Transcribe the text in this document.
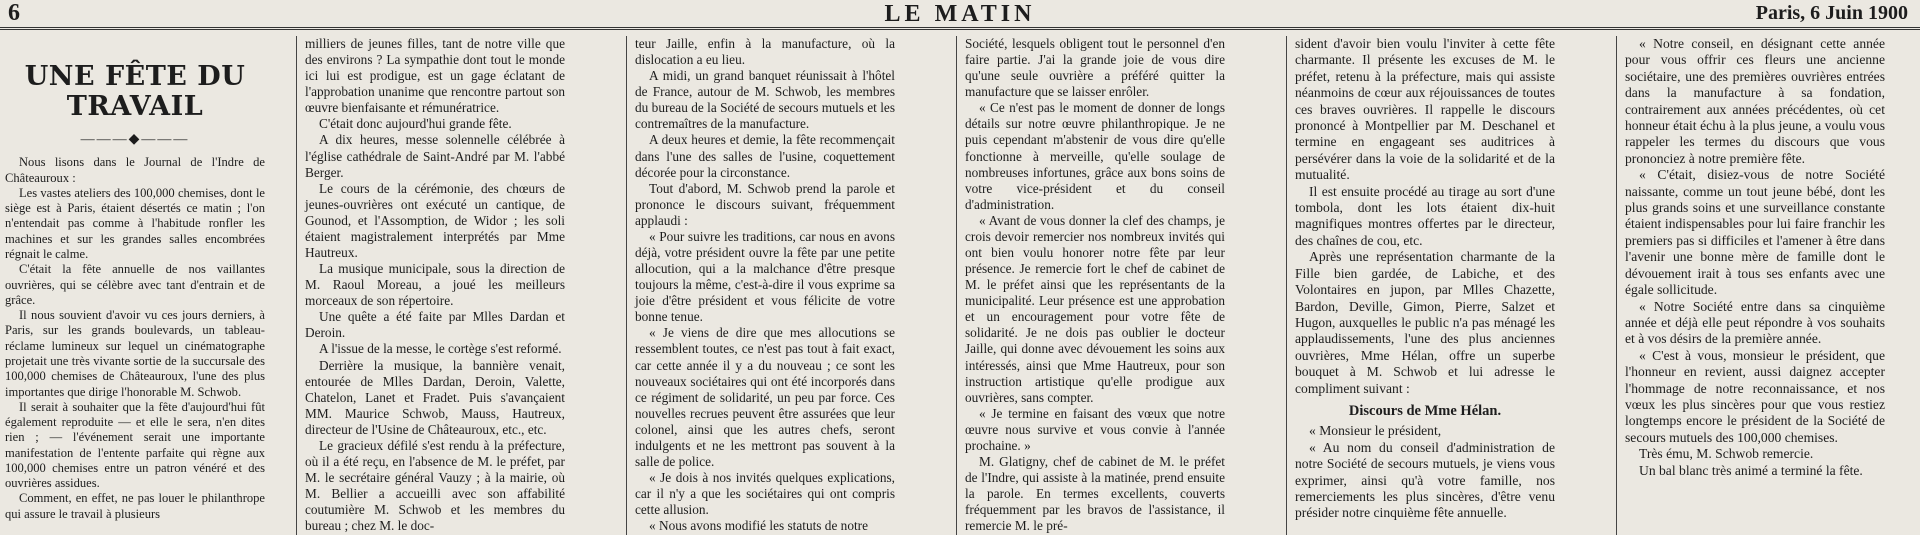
6	LE MATIN	Paris, 6 Juin 1900
UNE FÊTE DU TRAVAIL
———◆———

Nous lisons dans le Journal de l'Indre de Châteauroux :

Les vastes ateliers des 100,000 chemises, dont le siège est à Paris, étaient désertés ce matin ; l'on n'entendait pas comme à l'habitude ronfler les machines et sur les grandes salles encombrées régnait le calme.

C'était la fête annuelle de nos vaillantes ouvrières, qui se célèbre avec tant d'entrain et de grâce.

Il nous souvient d'avoir vu ces jours derniers, à Paris, sur les grands boulevards, un tableau-réclame lumineux sur lequel un cinématographe projetait une très vivante sortie de la succursale des 100,000 chemises de Châteauroux, l'une des plus importantes que dirige l'honorable M. Schwob.

Il serait à souhaiter que la fête d'aujourd'hui fût également reproduite — et elle le sera, n'en dites rien ; — l'événement serait une importante manifestation de l'entente parfaite qui règne aux 100,000 chemises entre un patron vénéré et des ouvrières assidues.

Comment, en effet, ne pas louer le philanthrope qui assure le travail à plusieurs

milliers de jeunes filles, tant de notre ville que des environs ? La sympathie dont tout le monde ici lui est prodigue, est un gage éclatant de l'approbation unanime que rencontre partout son œuvre bienfaisante et rémunératrice.

C'était donc aujourd'hui grande fête.

A dix heures, messe solennelle célébrée à l'église cathédrale de Saint-André par M. l'abbé Berger.

Le cours de la cérémonie, des chœurs de jeunes-ouvrières ont exécuté un cantique, de Gounod, et l'Assomption, de Widor ; les soli étaient magistralement interprétés par Mme Hautreux.

La musique municipale, sous la direction de M. Raoul Moreau, a joué les meilleurs morceaux de son répertoire.

Une quête a été faite par Mlles Dardan et Deroin.

A l'issue de la messe, le cortège s'est reformé.

Derrière la musique, la bannière venait, entourée de Mlles Dardan, Deroin, Valette, Chatelon, Lanet et Fradet. Puis s'avançaient MM. Maurice Schwob, Mauss, Hautreux, directeur de l'Usine de Châteauroux, etc., etc.

Le gracieux défilé s'est rendu à la préfecture, où il a été reçu, en l'absence de M. le préfet, par M. le secrétaire général Vauzy ; à la mairie, où M. Bellier a accueilli avec son affabilité coutumière M. Schwob et les membres du bureau ; chez M. le doc-

teur Jaille, enfin à la manufacture, où la dislocation a eu lieu.

A midi, un grand banquet réunissait à l'hôtel de France, autour de M. Schwob, les membres du bureau de la Société de secours mutuels et les contremaîtres de la manufacture.

A deux heures et demie, la fête recommençait dans l'une des salles de l'usine, coquettement décorée pour la circonstance.

Tout d'abord, M. Schwob prend la parole et prononce le discours suivant, fréquemment applaudi :

« Pour suivre les traditions, car nous en avons déjà, votre président ouvre la fête par une petite allocution, qui a la malchance d'être presque toujours la même, c'est-à-dire il vous exprime sa joie d'être président et vous félicite de votre bonne tenue.

« Je viens de dire que mes allocutions se ressemblent toutes, ce n'est pas tout à fait exact, car cette année il y a du nouveau ; ce sont les nouveaux sociétaires qui ont été incorporés dans ce régiment de solidarité, un peu par force. Ces nouvelles recrues peuvent être assurées que leur colonel, ainsi que les autres chefs, seront indulgents et ne les mettront pas souvent à la salle de police.

« Je dois à nos invités quelques explications, car il n'y a que les sociétaires qui ont compris cette allusion.

« Nous avons modifié les statuts de notre

Société, lesquels obligent tout le personnel d'en faire partie. J'ai la grande joie de vous dire qu'une seule ouvrière a préféré quitter la manufacture que se laisser enrôler.

« Ce n'est pas le moment de donner de longs détails sur notre œuvre philanthropique. Je ne puis cependant m'abstenir de vous dire qu'elle fonctionne à merveille, qu'elle soulage de nombreuses infortunes, grâce aux bons soins de votre vice-président et du conseil d'administration.

« Avant de vous donner la clef des champs, je crois devoir remercier nos nombreux invités qui ont bien voulu honorer notre fête par leur présence. Je remercie fort le chef de cabinet de M. le préfet ainsi que les représentants de la municipalité. Leur présence est une approbation et un encouragement pour votre fête de solidarité. Je ne dois pas oublier le docteur Jaille, qui donne avec dévouement les soins aux intéressés, ainsi que Mme Hautreux, pour son instruction artistique qu'elle prodigue aux ouvrières, sans compter.

« Je termine en faisant des vœux que notre œuvre nous survive et vous convie à l'année prochaine. »

M. Glatigny, chef de cabinet de M. le préfet de l'Indre, qui assiste à la matinée, prend ensuite la parole. En termes excellents, couverts fréquemment par les bravos de l'assistance, il remercie M. le pré-

sident d'avoir bien voulu l'inviter à cette fête charmante. Il présente les excuses de M. le préfet, retenu à la préfecture, mais qui assiste néanmoins de cœur aux réjouissances de toutes ces braves ouvrières. Il rappelle le discours prononcé à Montpellier par M. Deschanel et termine en engageant ses auditrices à persévérer dans la voie de la solidarité et de la mutualité.

Il est ensuite procédé au tirage au sort d'une tombola, dont les lots étaient dix-huit magnifiques montres offertes par le directeur, des chaînes de cou, etc.

Après une représentation charmante de la Fille bien gardée, de Labiche, et des Volontaires en jupon, par Mlles Chazette, Bardon, Deville, Gimon, Pierre, Salzet et Hugon, auxquelles le public n'a pas ménagé les applaudissements, l'une des plus anciennes ouvrières, Mme Hélan, offre un superbe bouquet à M. Schwob et lui adresse le compliment suivant :

Discours de Mme Hélan.

« Monsieur le président,

« Au nom du conseil d'administration de notre Société de secours mutuels, je viens vous exprimer, ainsi qu'à votre famille, nos remerciements les plus sincères, d'être venu présider notre cinquième fête annuelle.

« Notre conseil, en désignant cette année pour vous offrir ces fleurs une ancienne sociétaire, une des premières ouvrières entrées dans la manufacture à sa fondation, contrairement aux années précédentes, où cet honneur était échu à la plus jeune, a voulu vous rappeler les termes du discours que vous prononciez à notre première fête.

« C'était, disiez-vous de notre Société naissante, comme un tout jeune bébé, dont les plus grands soins et une surveillance constante étaient indispensables pour lui faire franchir les premiers pas si difficiles et l'amener à être dans l'avenir une bonne mère de famille dont le dévouement irait à tous ses enfants avec une égale sollicitude.

« Notre Société entre dans sa cinquième année et déjà elle peut répondre à vos souhaits et à vos désirs de la première année.

« C'est à vous, monsieur le président, que l'honneur en revient, aussi daignez accepter l'hommage de notre reconnaissance, et nos vœux les plus sincères pour que vous restiez longtemps encore le président de la Société de secours mutuels des 100,000 chemises.

Très ému, M. Schwob remercie.

Un bal blanc très animé a terminé la fête.
